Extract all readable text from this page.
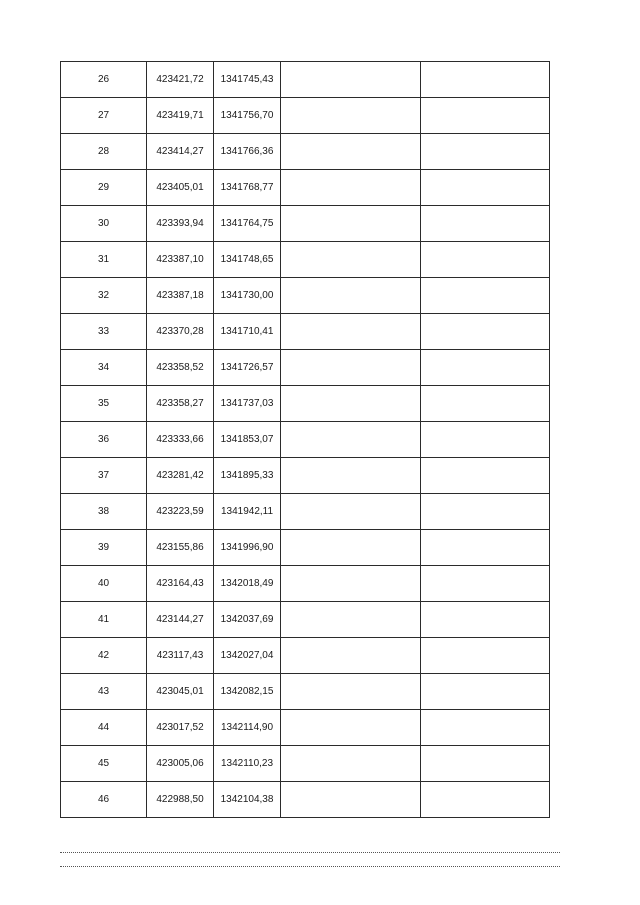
26	423421,72	1341745,43		
27	423419,71	1341756,70		
28	423414,27	1341766,36		
29	423405,01	1341768,77		
30	423393,94	1341764,75		
31	423387,10	1341748,65		
32	423387,18	1341730,00		
33	423370,28	1341710,41		
34	423358,52	1341726,57		
35	423358,27	1341737,03		
36	423333,66	1341853,07		
37	423281,42	1341895,33		
38	423223,59	1341942,11		
39	423155,86	1341996,90		
40	423164,43	1342018,49		
41	423144,27	1342037,69		
42	423117,43	1342027,04		
43	423045,01	1342082,15		
44	423017,52	1342114,90		
45	423005,06	1342110,23		
46	422988,50	1342104,38		
